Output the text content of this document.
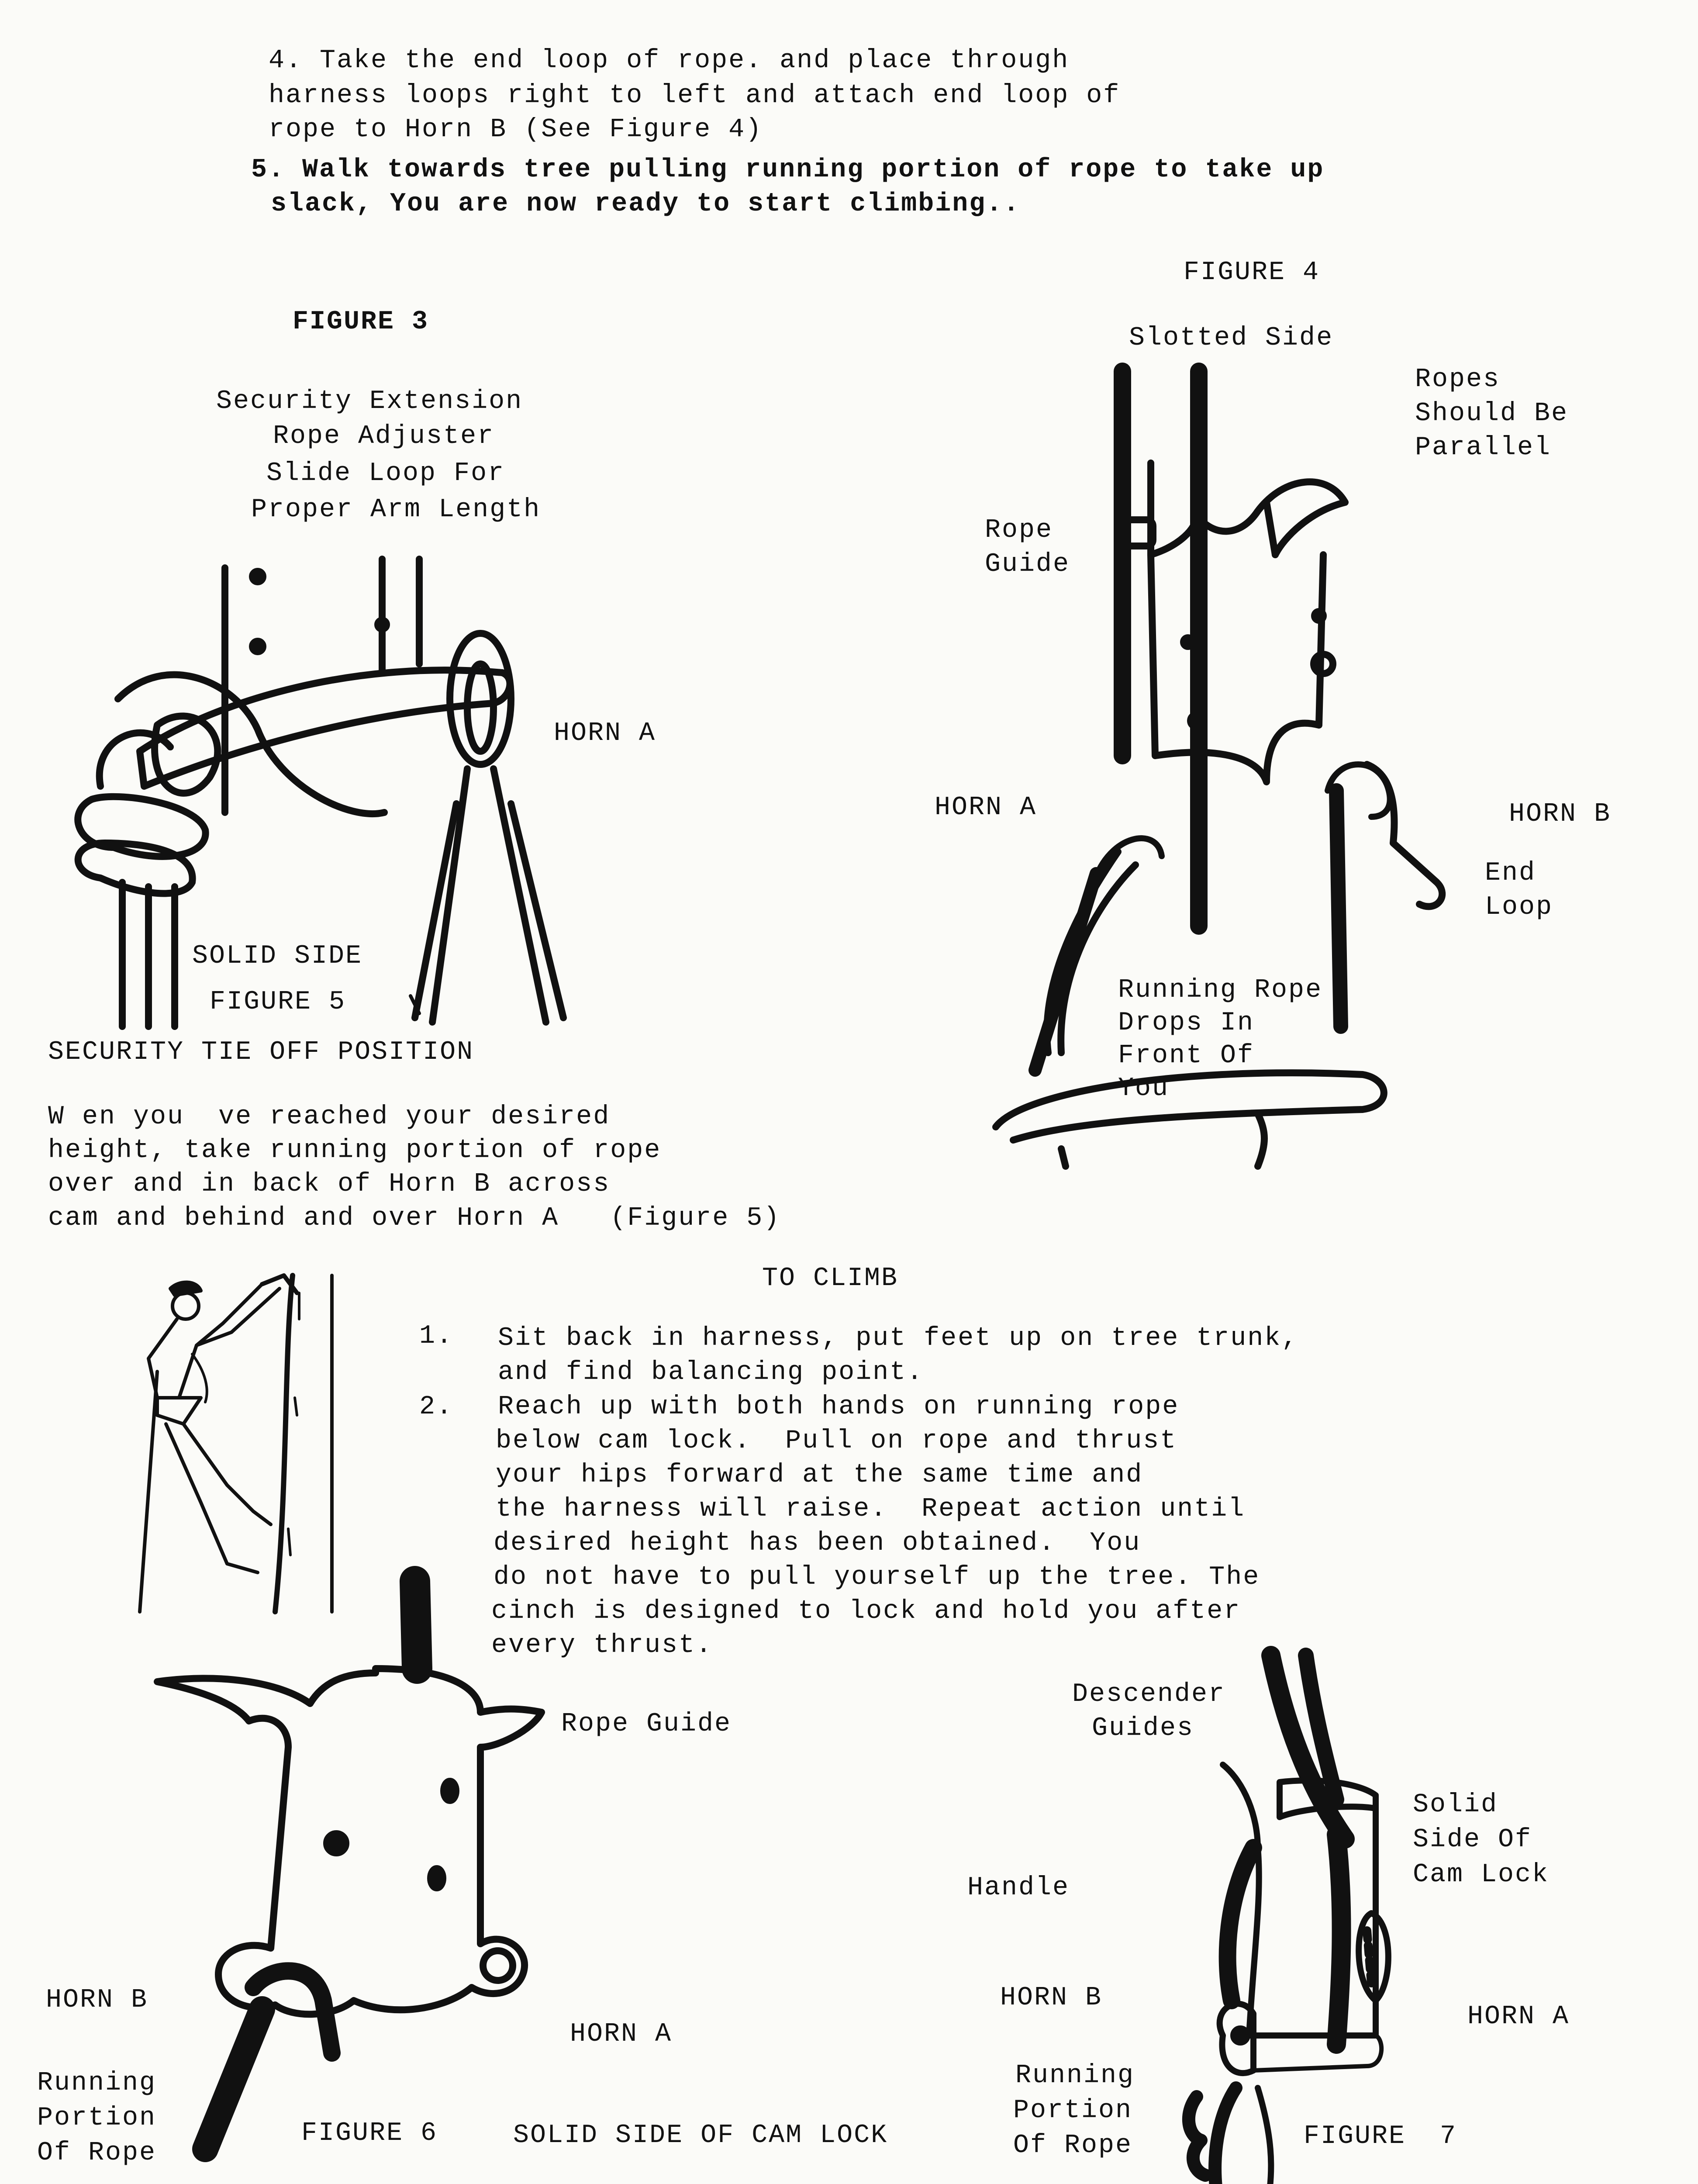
4. Take the end loop of rope. and place through
harness loops right to left and attach end loop of
rope to Horn B (See Figure 4)
5. Walk towards tree pulling running portion of rope to take up
slack, You are now ready to start climbing..
FIGURE 3
Security Extension
Rope Adjuster
Slide Loop For
Proper Arm Length
HORN A
SOLID SIDE
FIGURE 5
SECURITY TIE OFF POSITION
W en you  ve reached your desired
height, take running portion of rope
over and in back of Horn B across
cam and behind and over Horn A   (Figure 5)
FIGURE 4
Slotted Side
Ropes
Should Be
Parallel
Rope
Guide
HORN A	HORN B
End
Loop
Running Rope
Drops In
Front Of
You
TO CLIMB
1. Sit back in harness, put feet up on tree trunk,
and find balancing point.
2. Reach up with both hands on running rope
below cam lock.  Pull on rope and thrust
your hips forward at the same time and
the harness will raise.  Repeat action until
desired height has been obtained.  You
do not have to pull yourself up the tree. The
cinch is designed to lock and hold you after
every thrust.
Rope Guide
HORN B
HORN A
Running
Portion
Of Rope
FIGURE 6	SOLID SIDE OF CAM LOCK
Descender
Guides
Solid
Side Of
Cam Lock
Handle
HORN B
HORN A
Running
Portion
Of Rope	FIGURE  7
